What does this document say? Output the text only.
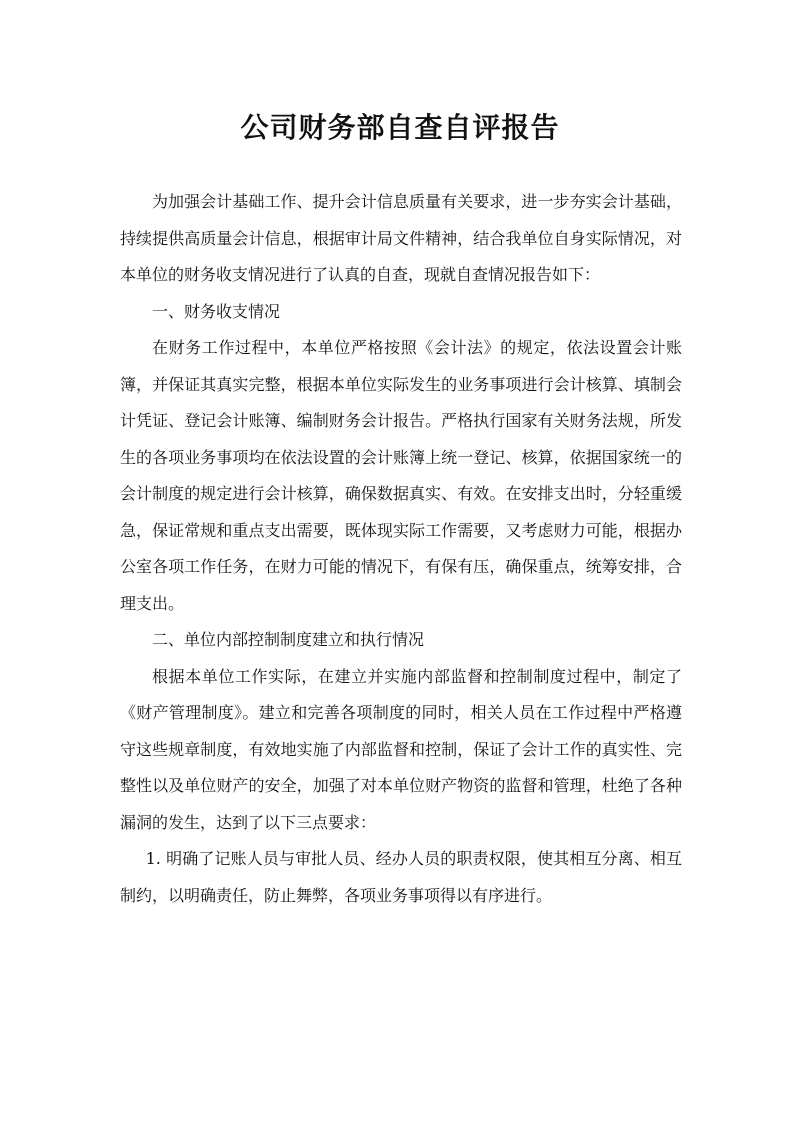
公司财务部自查自评报告

为加强会计基础工作、提升会计信息质量有关要求，进一步夯实会计基础，持续提供高质量会计信息，根据审计局文件精神，结合我单位自身实际情况，对本单位的财务收支情况进行了认真的自查，现就自查情况报告如下：

一、财务收支情况

在财务工作过程中，本单位严格按照《会计法》的规定，依法设置会计账簿，并保证其真实完整，根据本单位实际发生的业务事项进行会计核算、填制会计凭证、登记会计账簿、编制财务会计报告。严格执行国家有关财务法规，所发生的各项业务事项均在依法设置的会计账簿上统一登记、核算，依据国家统一的会计制度的规定进行会计核算，确保数据真实、有效。在安排支出时，分轻重缓急，保证常规和重点支出需要，既体现实际工作需要，又考虑财力可能，根据办公室各项工作任务，在财力可能的情况下，有保有压，确保重点，统筹安排，合理支出。

二、单位内部控制制度建立和执行情况

根据本单位工作实际，在建立并实施内部监督和控制制度过程中，制定了《财产管理制度》。建立和完善各项制度的同时，相关人员在工作过程中严格遵守这些规章制度，有效地实施了内部监督和控制，保证了会计工作的真实性、完整性以及单位财产的安全，加强了对本单位财产物资的监督和管理，杜绝了各种漏洞的发生，达到了以下三点要求：

1. 明确了记账人员与审批人员、经办人员的职责权限，使其相互分离、相互制约，以明确责任，防止舞弊，各项业务事项得以有序进行。
